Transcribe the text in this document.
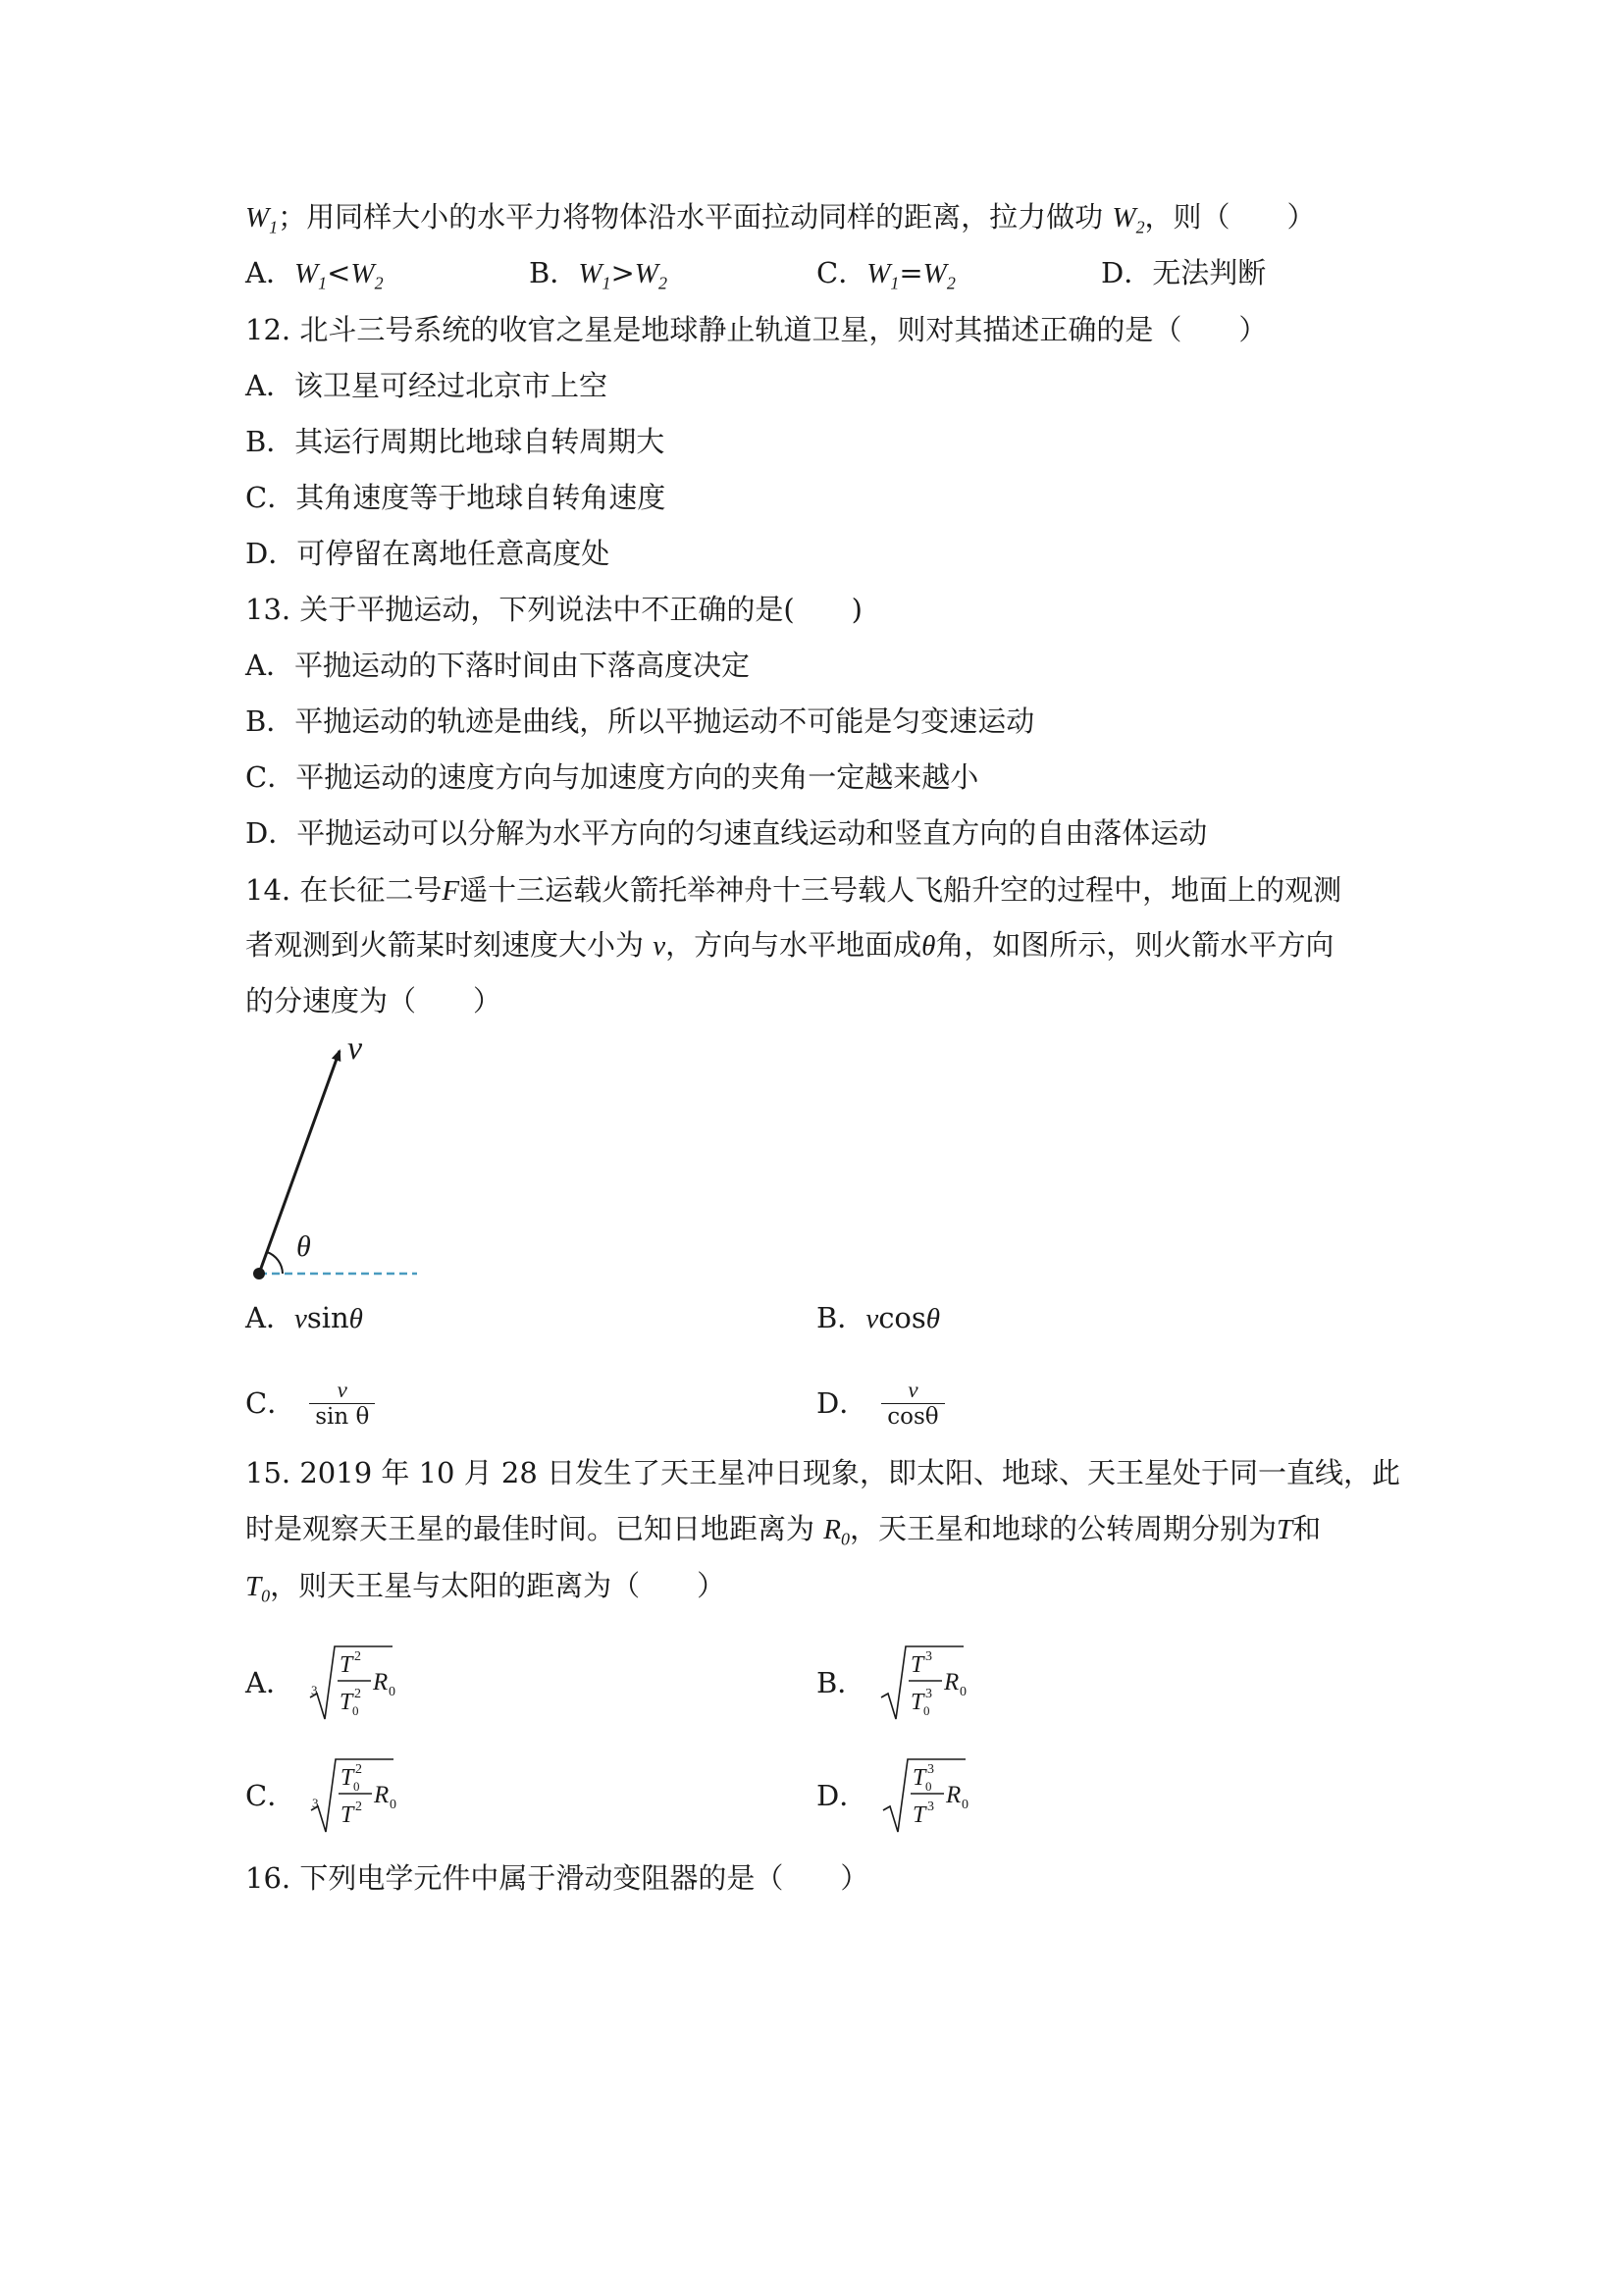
$W_1$；用同样大小的水平力将物体沿水平面拉动同样的距离，拉力做功 $W_2$，则（　　）
A．$W_1<W_2$	B．$W_1>W_2$	C．$W_1=W_2$	D．无法判断
12. 北斗三号系统的收官之星是地球静止轨道卫星，则对其描述正确的是（　　）
A．该卫星可经过北京市上空
B．其运行周期比地球自转周期大
C．其角速度等于地球自转角速度
D．可停留在离地任意高度处
13. 关于平抛运动，下列说法中不正确的是(　　)
A．平抛运动的下落时间由下落高度决定
B．平抛运动的轨迹是曲线，所以平抛运动不可能是匀变速运动
C．平抛运动的速度方向与加速度方向的夹角一定越来越小
D．平抛运动可以分解为水平方向的匀速直线运动和竖直方向的自由落体运动
14. 在长征二号F遥十三运载火箭托举神舟十三号载人飞船升空的过程中，地面上的观测
者观测到火箭某时刻速度大小为 v，方向与水平地面成θ角，如图所示，则火箭水平方向
的分速度为（　　）
v
θ
A．vsinθ	B．vcosθ
C． $\frac{v}{\text{sin θ}}$	D． $\frac{v}{\cos\theta}$
15. 2019 年 10 月 28 日发生了天王星冲日现象，即太阳、地球、天王星处于同一直线，此
时是观察天王星的最佳时间。已知日地距离为 $R_0$，天王星和地球的公转周期分别为T和
$T_0$，则天王星与太阳的距离为（　　）
A． 3
T 2
T 0
2 R 0	B．
T 3
T 0
3 R 0
C． 3
T 0
2
T 2 R 0	D．
T 0
3
T 3 R 0
16. 下列电学元件中属于滑动变阻器的是（　　）
